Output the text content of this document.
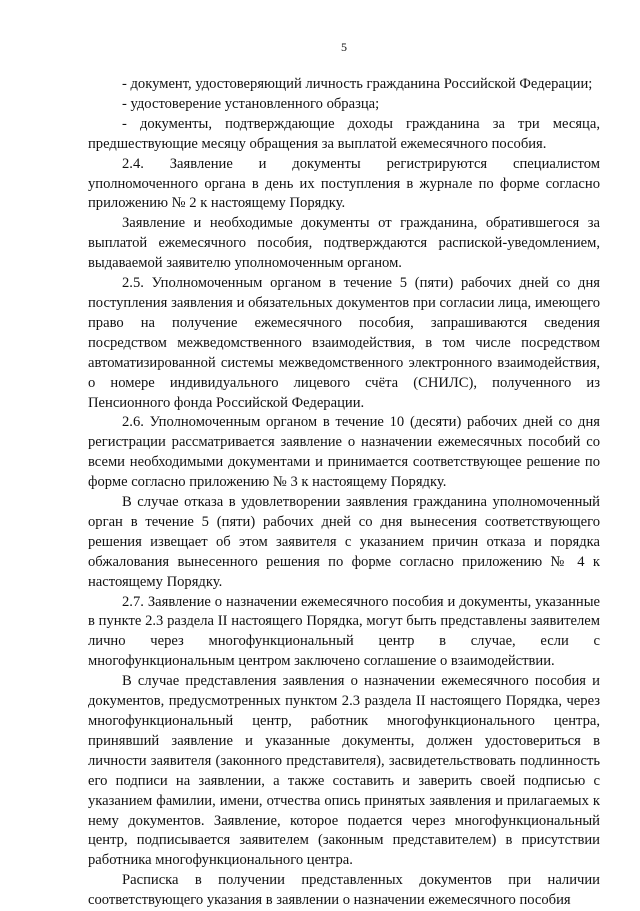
5

- документ, удостоверяющий личность гражданина Российской Федерации;

- удостоверение установленного образца;

- документы, подтверждающие доходы гражданина за три месяца, предшествующие месяцу обращения за выплатой ежемесячного пособия.

2.4. Заявление и документы регистрируются специалистом уполномоченного органа в день их поступления в журнале по форме согласно приложению № 2 к настоящему Порядку.

Заявление и необходимые документы от гражданина, обратившегося за выплатой ежемесячного пособия, подтверждаются распиской-уведомлением, выдаваемой заявителю уполномоченным органом.

2.5. Уполномоченным органом в течение 5 (пяти) рабочих дней со дня поступления заявления и обязательных документов при согласии лица, имеющего право на получение ежемесячного пособия, запрашиваются сведения посредством межведомственного взаимодействия, в том числе посредством автоматизированной системы межведомственного электронного взаимодействия, о номере индивидуального лицевого счёта (СНИЛС), полученного из Пенсионного фонда Российской Федерации.

2.6. Уполномоченным органом в течение 10 (десяти) рабочих дней со дня регистрации рассматривается заявление о назначении ежемесячных пособий со всеми необходимыми документами и принимается соответствующее решение по форме согласно приложению № 3 к настоящему Порядку.

В случае отказа в удовлетворении заявления гражданина уполномоченный орган в течение 5 (пяти) рабочих дней со дня вынесения соответствующего решения извещает об этом заявителя с указанием причин отказа и порядка обжалования вынесенного решения по форме согласно приложению № 4 к настоящему Порядку.

2.7. Заявление о назначении ежемесячного пособия и документы, указанные в пункте 2.3 раздела II настоящего Порядка, могут быть представлены заявителем лично через многофункциональный центр в случае, если с многофункциональным центром заключено соглашение о взаимодействии.

В случае представления заявления о назначении ежемесячного пособия и документов, предусмотренных пунктом 2.3 раздела II настоящего Порядка, через многофункциональный центр, работник многофункционального центра, принявший заявление и указанные документы, должен удостовериться в личности заявителя (законного представителя), засвидетельствовать подлинность его подписи на заявлении, а также составить и заверить своей подписью с указанием фамилии, имени, отчества опись принятых заявления и прилагаемых к нему документов. Заявление, которое подается через многофункциональный центр, подписывается заявителем (законным представителем) в присутствии работника многофункционального центра.

Расписка в получении представленных документов при наличии соответствующего указания в заявлении о назначении ежемесячного пособия
